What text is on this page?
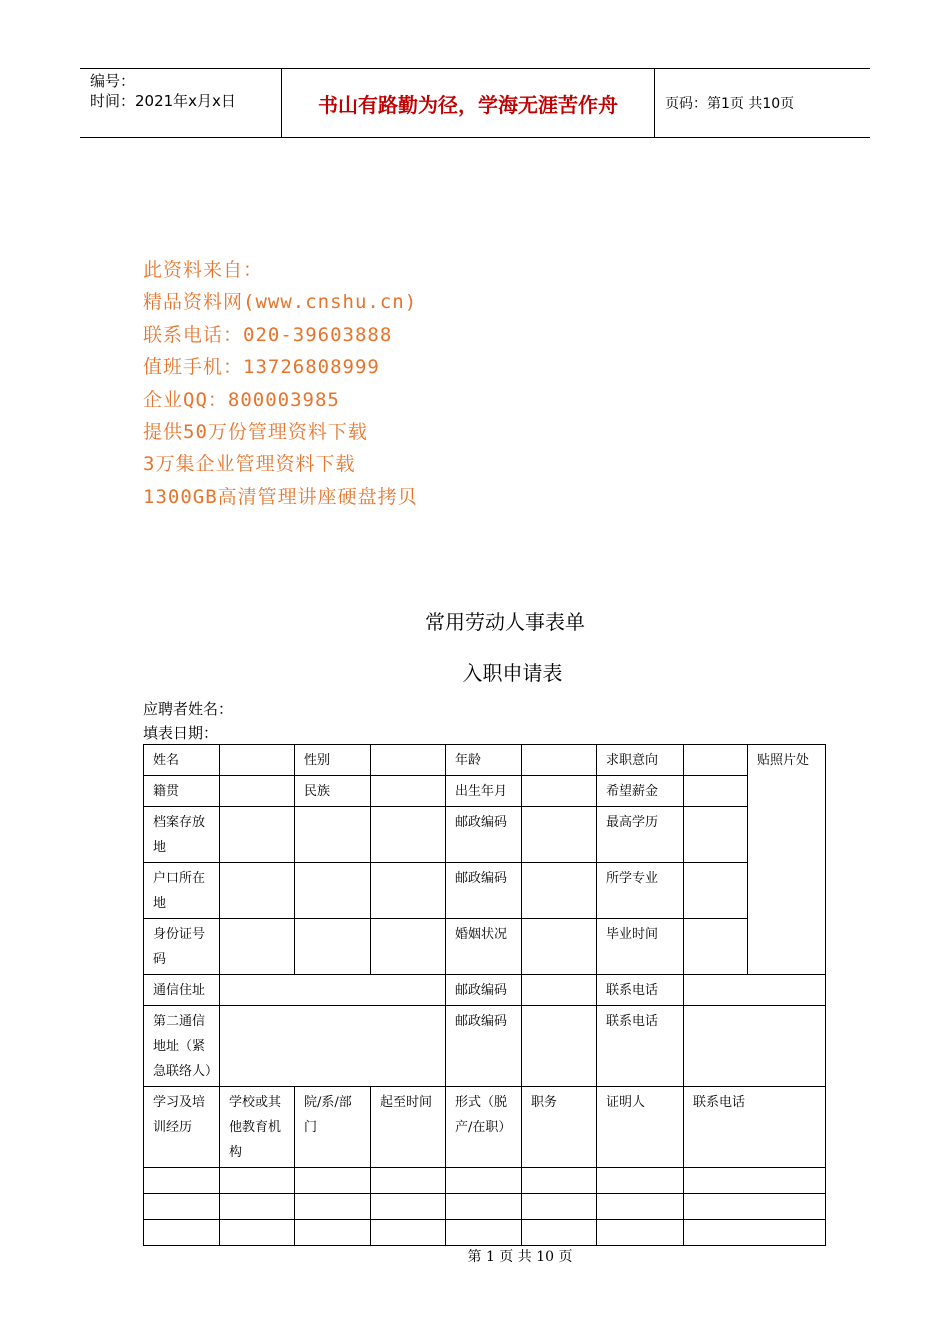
编号：
时间：2021年x月x日	书山有路勤为径，学海无涯苦作舟	页码：第1页 共10页
此资料来自：
精品资料网(www.cnshu.cn)
联系电话：020-39603888
值班手机：13726808999
企业QQ：800003985
提供50万份管理资料下载
3万集企业管理资料下载
1300GB高清管理讲座硬盘拷贝
常用劳动人事表单
入职申请表
应聘者姓名：
填表日期：
姓名		性别		年龄		求职意向		贴照片处
籍贯		民族		出生年月		希望薪金		
档案存放地				邮政编码		最高学历		
户口所在地				邮政编码		所学专业		
身份证号码				婚姻状况		毕业时间		
通信住址				邮政编码		联系电话		
第二通信地址（紧急联络人）				邮政编码		联系电话		
学习及培训经历	学校或其他教育机构	院/系/部门	起至时间	形式（脱产/在职）	职务	证明人	联系电话	

第 1 页 共 10 页
